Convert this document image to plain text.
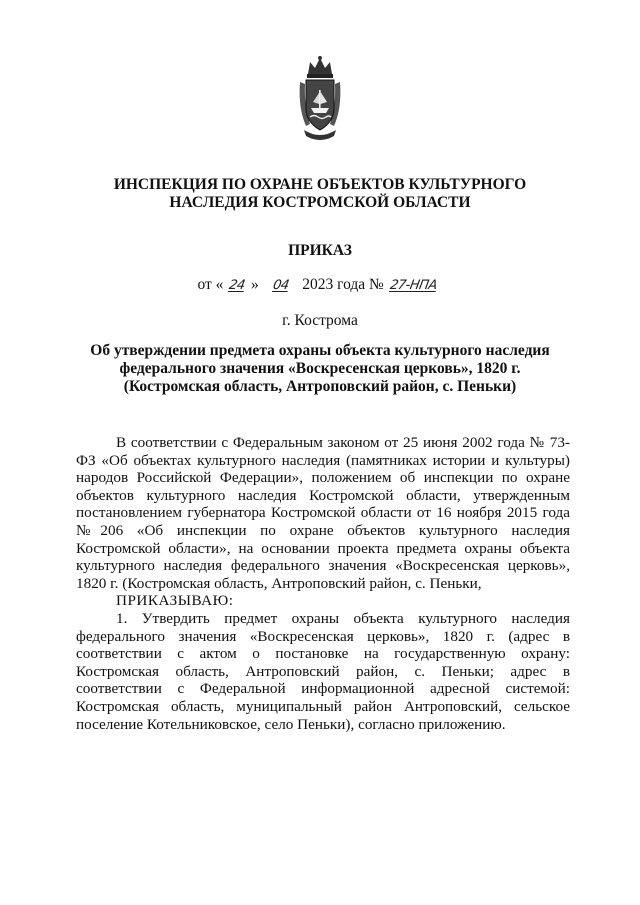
ИНСПЕКЦИЯ ПО ОХРАНЕ ОБЪЕКТОВ КУЛЬТУРНОГО
НАСЛЕДИЯ КОСТРОМСКОЙ ОБЛАСТИ
ПРИКАЗ
от « 24 » 04 2023 года № 27-НПА
г. Кострома
Об утверждении предмета охраны объекта культурного наследия
федерального значения «Воскресенская церковь», 1820 г.
(Костромская область, Антроповский район, с. Пеньки)

В соответствии с Федеральным законом от 25 июня 2002 года № 73-ФЗ «Об объектах культурного наследия (памятниках истории и культуры) народов Российской Федерации», положением об инспекции по охране объектов культурного наследия Костромской области, утвержденным постановлением губернатора Костромской области от 16 ноября 2015 года №206 «Об инспекции по охране объектов культурного наследия Костромской области», на основании проекта предмета охраны объекта культурного наследия федерального значения «Воскресенская церковь», 1820 г. (Костромская область, Антроповский район, с. Пеньки,

ПРИКАЗЫВАЮ:

1. Утвердить предмет охраны объекта культурного наследия федерального значения «Воскресенская церковь», 1820 г. (адрес в соответствии с актом о постановке на государственную охрану: Костромская область, Антроповский район, с. Пеньки; адрес в соответствии с Федеральной информационной адресной системой: Костромская область, муниципальный район Антроповский, сельское поселение Котельниковское, село Пеньки), согласно приложению.
